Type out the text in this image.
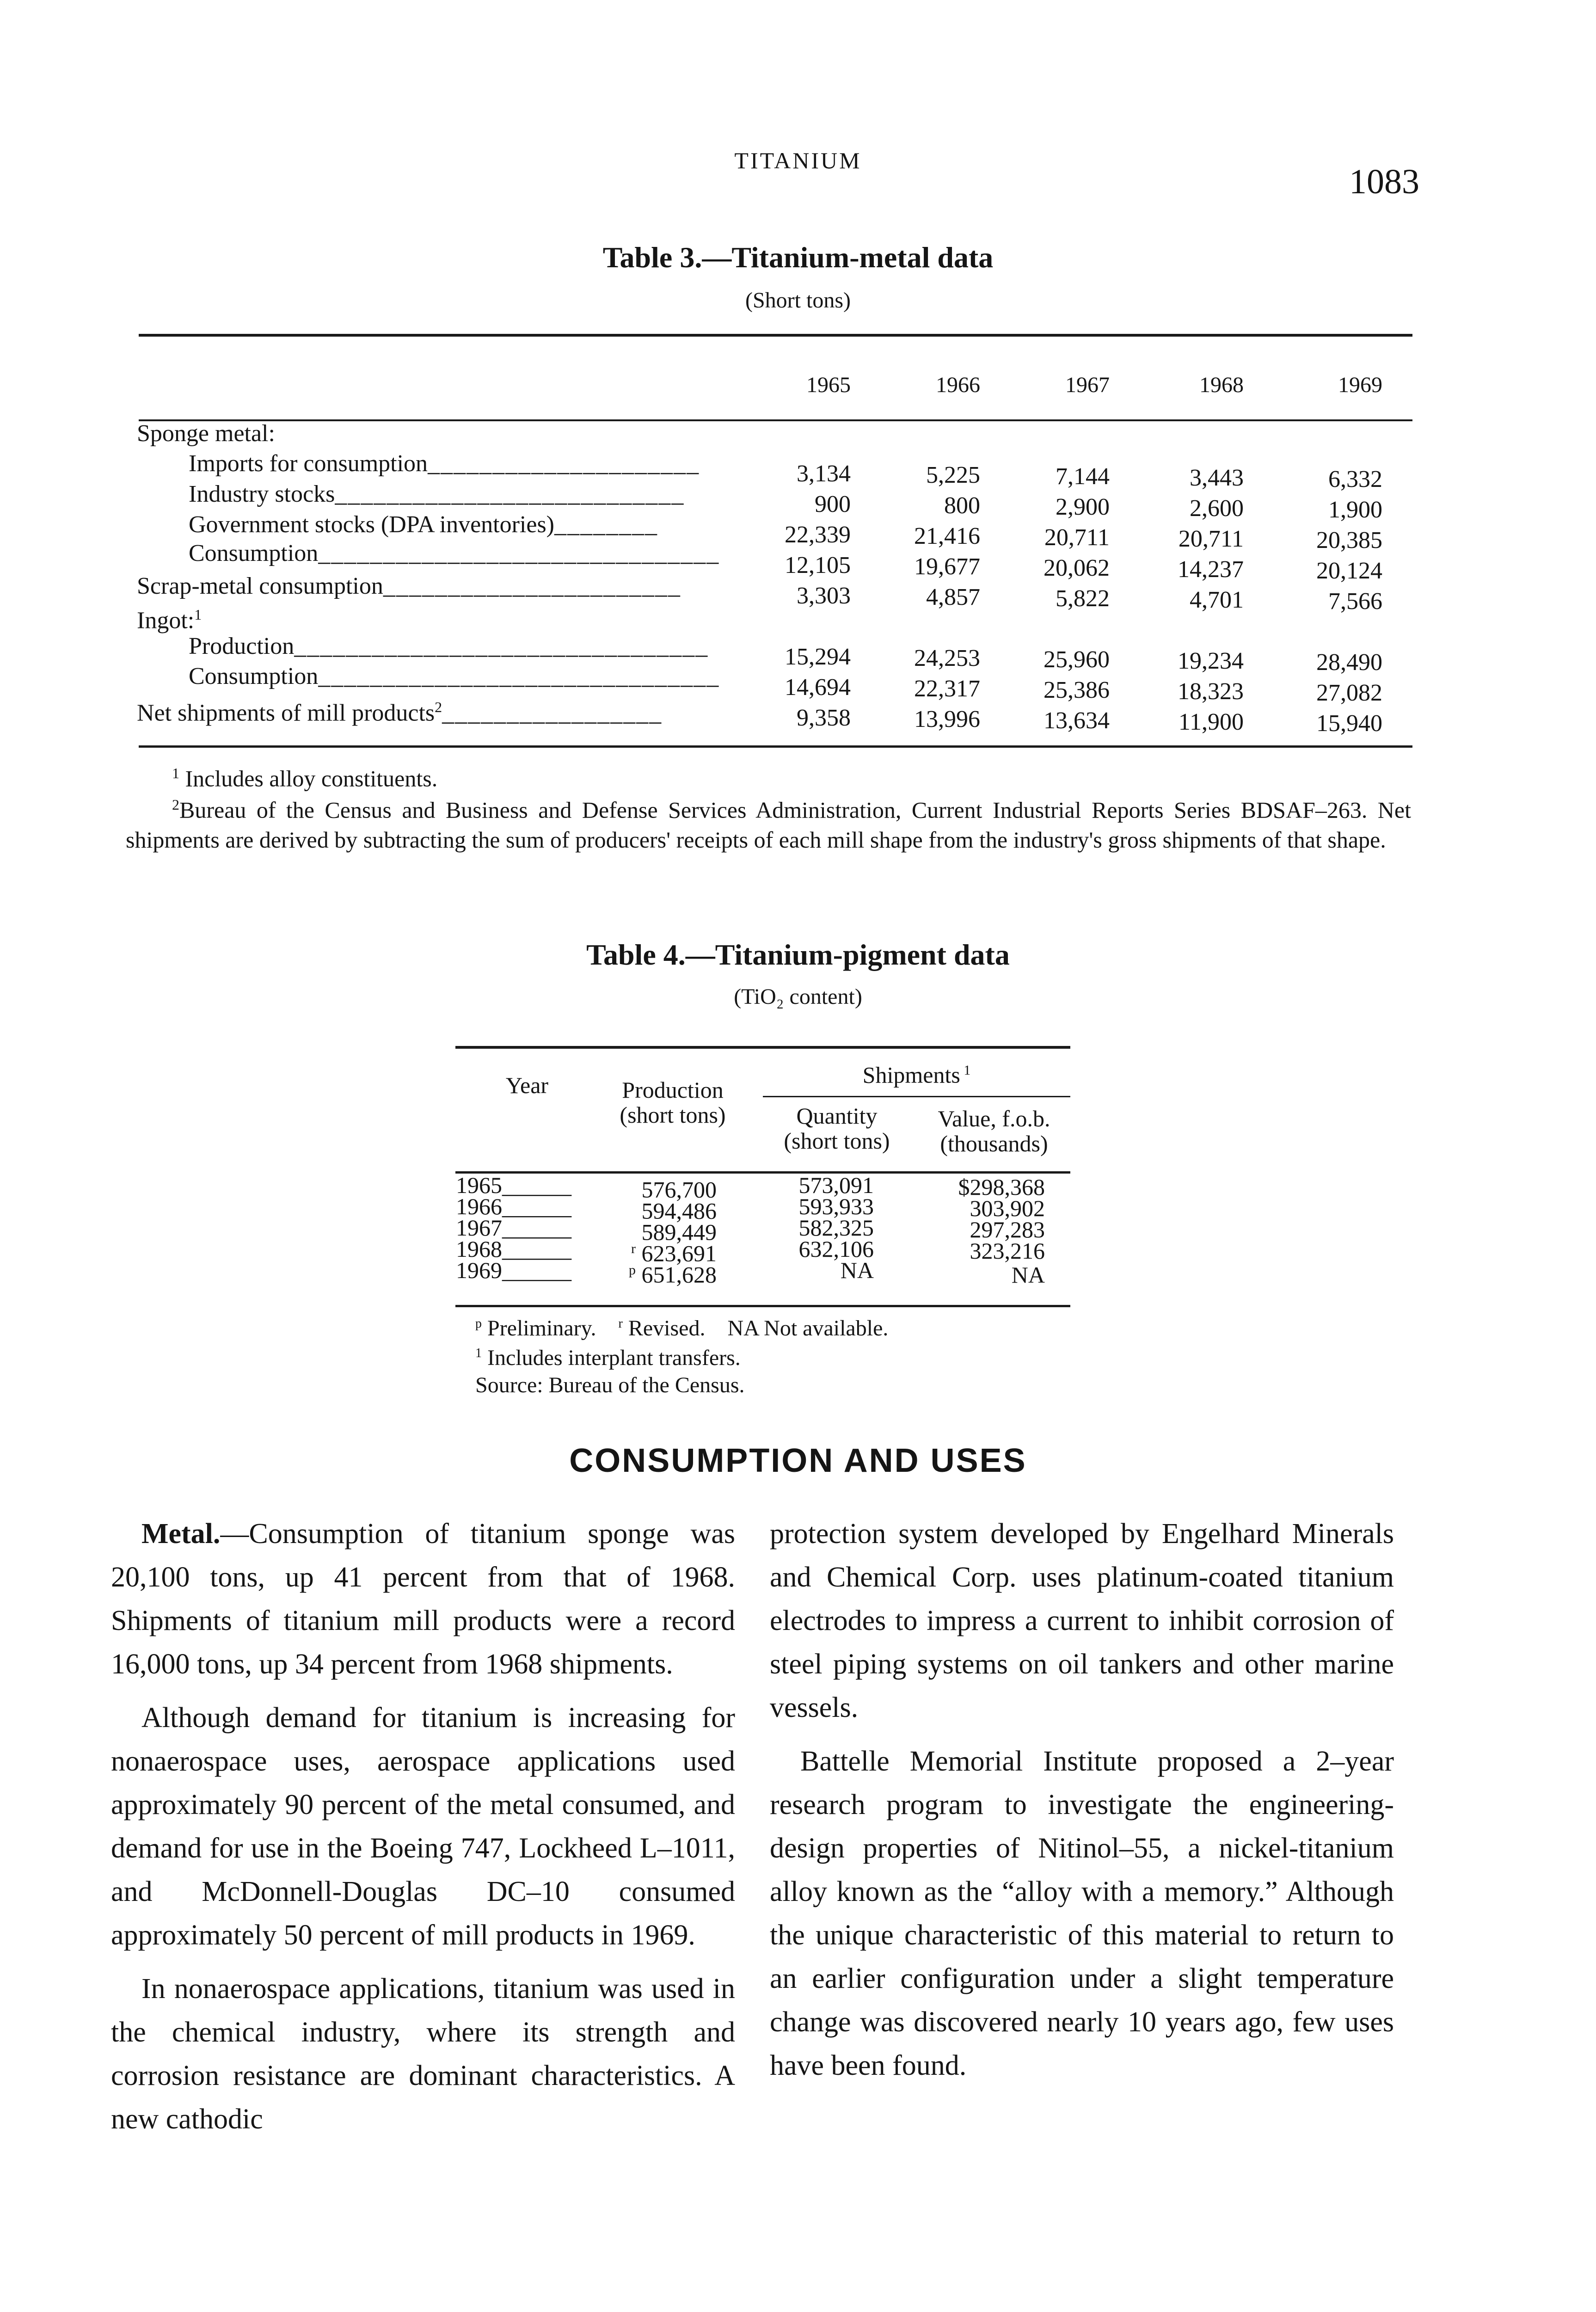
TITANIUM
1083
Table 3.—Titanium-metal data
(Short tons)
1965	1966	1967	1968	1969
Sponge metal:
Imports for consumption_____________________	3,134	5,225	7,144	3,443	6,332
Industry stocks___________________________	900	800	2,900	2,600	1,900
Government stocks (DPA inventories)________	22,339	21,416	20,711	20,711	20,385
Consumption_______________________________	12,105	19,677	20,062	14,237	20,124
Scrap-metal consumption_______________________	3,303	4,857	5,822	4,701	7,566
Ingot:$^1$
Production________________________________	15,294	24,253	25,960	19,234	28,490
Consumption_______________________________	14,694	22,317	25,386	18,323	27,082
Net shipments of mill products$^2$_________________	9,358	13,996	13,634	11,900	15,940
$^1$ Includes alloy constituents.
$^2$Bureau of the Census and Business and Defense Services Administration, Current Industrial Reports Series BDSAF–263. Net shipments are derived by subtracting the sum of producers' receipts of each mill shape from the industry's gross shipments of that shape.
Table 4.—Titanium-pigment data
(TiO₂ content)
Year	Production
(short tons)
Shipments $^1$
Quantity
(short tons)
Value, f.o.b.
(thousands)
1965______	576,700	573,091	$298,368
1966______	594,486	593,933	303,902
1967______	589,449	582,325	297,283
1968______	$^r$ 623,691	632,106	323,216
1969______	$^p$ 651,628	NA	NA
$^p$ Preliminary. $^r$ Revised. NA Not available.
$^1$ Includes interplant transfers.
Source: Bureau of the Census.
CONSUMPTION AND USES

Metal.—Consumption of titanium sponge was 20,100 tons, up 41 percent from that of 1968. Shipments of titanium mill products were a record 16,000 tons, up 34 percent from 1968 shipments.

Although demand for titanium is increasing for nonaerospace uses, aerospace applications used approximately 90 percent of the metal consumed, and demand for use in the Boeing 747, Lockheed L–1011, and McDonnell-Douglas DC–10 consumed approximately 50 percent of mill products in 1969.

In nonaerospace applications, titanium was used in the chemical industry, where its strength and corrosion resistance are dominant characteristics. A new cathodic

protection system developed by Engelhard Minerals and Chemical Corp. uses platinum-coated titanium electrodes to impress a current to inhibit corrosion of steel piping systems on oil tankers and other marine vessels.

Battelle Memorial Institute proposed a 2–year research program to investigate the engineering-design properties of Nitinol–55, a nickel-titanium alloy known as the “alloy with a memory.” Although the unique characteristic of this material to return to an earlier configuration under a slight temperature change was discovered nearly 10 years ago, few uses have been found.
